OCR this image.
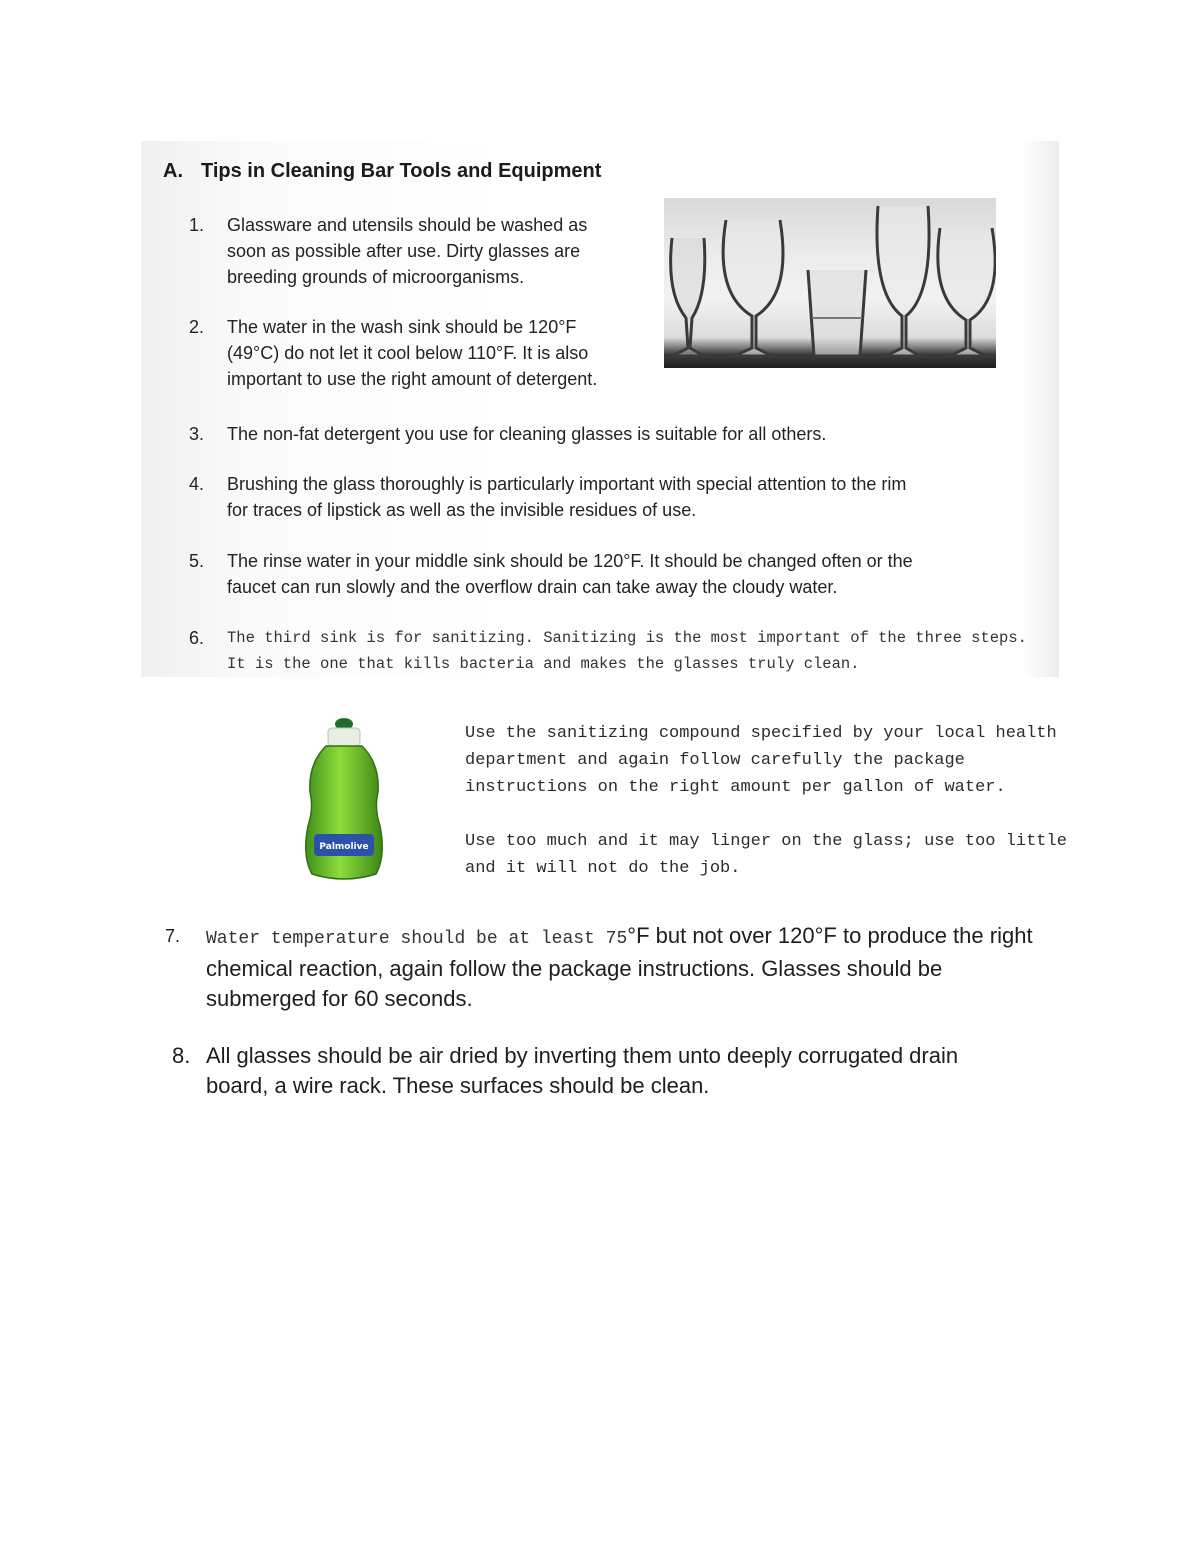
A. Tips in Cleaning Bar Tools and Equipment
1. Glassware and utensils should be washed as
soon as possible after use. Dirty glasses are
breeding grounds of microorganisms.
2. The water in the wash sink should be 120°F
(49°C) do not let it cool below 110°F. It is also
important to use the right amount of detergent.
3. The non-fat detergent you use for cleaning glasses is suitable for all others.
4. Brushing the glass thoroughly is particularly important with special attention to the rim
for traces of lipstick as well as the invisible residues of use.
5. The rinse water in your middle sink should be 120°F. It should be changed often or the
faucet can run slowly and the overflow drain can take away the cloudy water.
6. The third sink is for sanitizing. Sanitizing is the most important of the three steps.
It is the one that kills bacteria and makes the glasses truly clean.
Palmolive

Use the sanitizing compound specified by your local health
department and again follow carefully the package
instructions on the right amount per gallon of water.

Use too much and it may linger on the glass; use too little
and it will not do the job.

7. Water temperature should be at least 75°F but not over 120°F to produce the right
chemical reaction, again follow the package instructions. Glasses should be
submerged for 60 seconds.
8. All glasses should be air dried by inverting them unto deeply corrugated drain
board, a wire rack. These surfaces should be clean.
